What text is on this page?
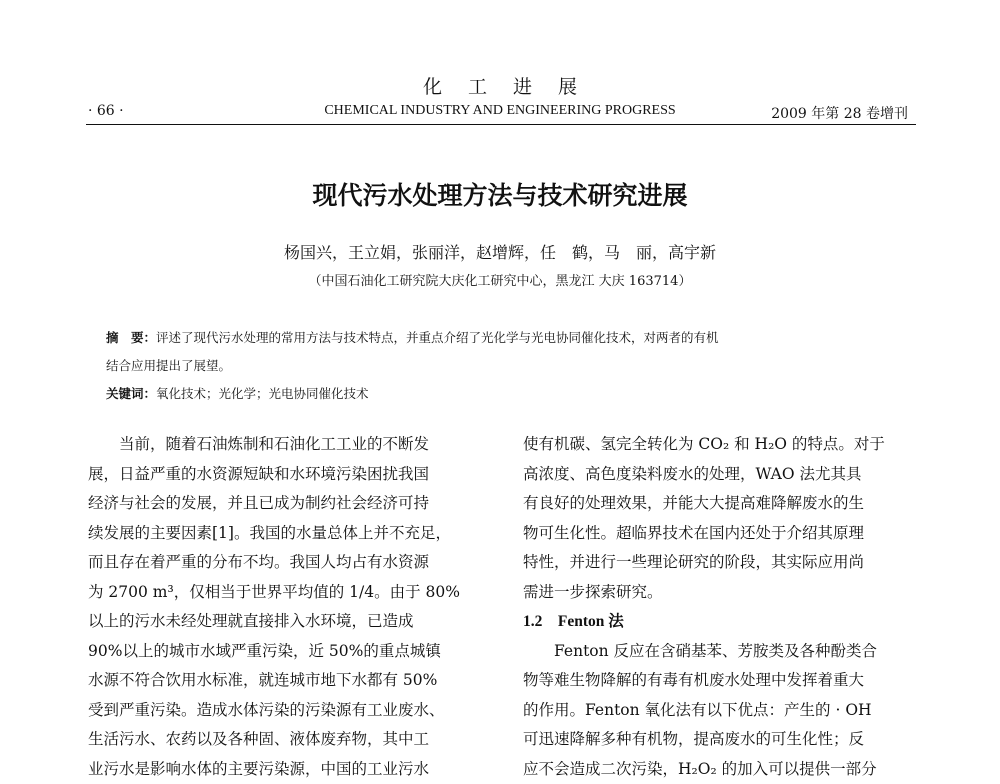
化工进展
· 66 ·	CHEMICAL INDUSTRY AND ENGINEERING PROGRESS	2009 年第 28 卷增刊
现代污水处理方法与技术研究进展
杨国兴，王立娟，张丽洋，赵增辉，任　鹤，马　丽，高宇新
（中国石油化工研究院大庆化工研究中心，黑龙江 大庆 163714）

摘　要：评述了现代污水处理的常用方法与技术特点，并重点介绍了光化学与光电协同催化技术，对两者的有机

结合应用提出了展望。

关键词：氧化技术；光化学；光电协同催化技术

当前，随着石油炼制和石油化工工业的不断发

展，日益严重的水资源短缺和水环境污染困扰我国

经济与社会的发展，并且已成为制约社会经济可持

续发展的主要因素[1]。我国的水量总体上并不充足，

而且存在着严重的分布不均。我国人均占有水资源

为 2700 m³，仅相当于世界平均值的 1/4。由于 80%

以上的污水未经处理就直接排入水环境，已造成

90%以上的城市水域严重污染，近 50%的重点城镇

水源不符合饮用水标准，就连城市地下水都有 50%

受到严重污染。造成水体污染的污染源有工业废水、

生活污水、农药以及各种固、液体废弃物，其中工

业污水是影响水体的主要污染源，中国的工业污水

使有机碳、氢完全转化为 CO₂ 和 H₂O 的特点。对于

高浓度、高色度染料废水的处理，WAO 法尤其具

有良好的处理效果，并能大大提高难降解废水的生

物可生化性。超临界技术在国内还处于介绍其原理

特性，并进行一些理论研究的阶段，其实际应用尚

需进一步探索研究。

1.2　Fenton 法

Fenton 反应在含硝基苯、芳胺类及各种酚类合

物等难生物降解的有毒有机废水处理中发挥着重大

的作用。Fenton 氧化法有以下优点：产生的 · OH

可迅速降解多种有机物，提高废水的可生化性；反

应不会造成二次污染，H₂O₂ 的加入可以提供一部分
